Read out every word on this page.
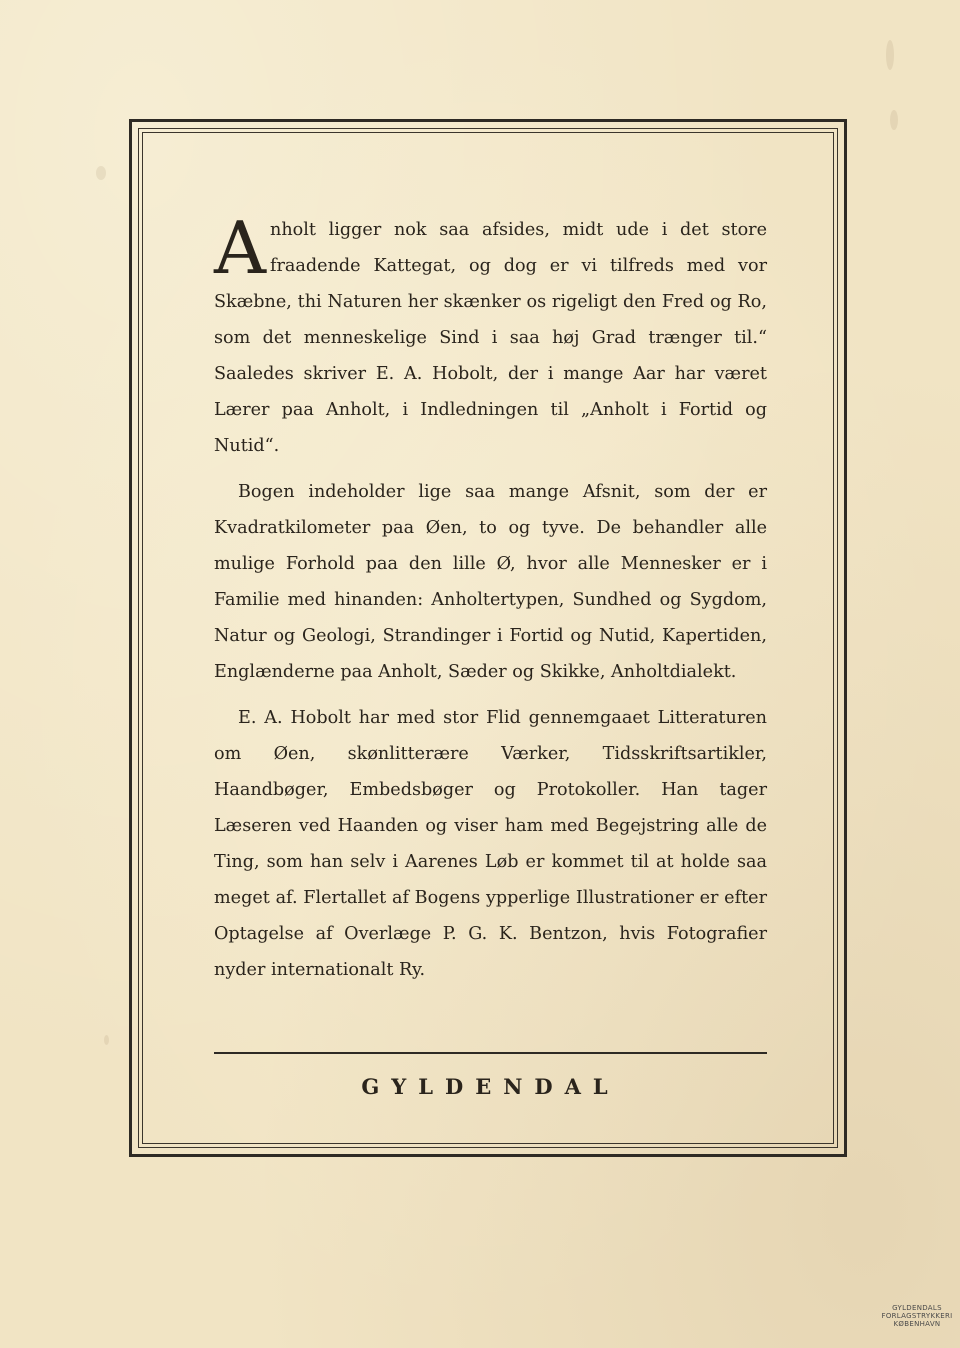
Anholt ligger nok saa afsides, midt ude i det store fraadende Kattegat, og dog er vi tilfreds med vor Skæbne, thi Naturen her skænker os rigeligt den Fred og Ro, som det menneskelige Sind i saa høj Grad trænger til.“ Saaledes skriver E. A. Hobolt, der i mange Aar har været Lærer paa Anholt, i Indledningen til „Anholt i Fortid og Nutid“.

Bogen indeholder lige saa mange Afsnit, som der er Kvadratkilometer paa Øen, to og tyve. De behandler alle mulige Forhold paa den lille Ø, hvor alle Mennesker er i Familie med hinanden: Anholtertypen, Sundhed og Sygdom, Natur og Geologi, Strandinger i Fortid og Nutid, Kapertiden, Englænderne paa Anholt, Sæder og Skikke, Anholtdialekt.

E. A. Hobolt har med stor Flid gennemgaaet Litteraturen om Øen, skønlitterære Værker, Tidsskriftsartikler, Haandbøger, Embedsbøger og Protokoller. Han tager Læseren ved Haanden og viser ham med Begejstring alle de Ting, som han selv i Aarenes Løb er kommet til at holde saa meget af. Flertallet af Bogens ypperlige Illustrationer er efter Optagelse af Overlæge P. G. K. Bentzon, hvis Fotografier nyder internationalt Ry.

GYLDENDAL
GYLDENDALS
FORLAGSTRYKKERI
KØBENHAVN
